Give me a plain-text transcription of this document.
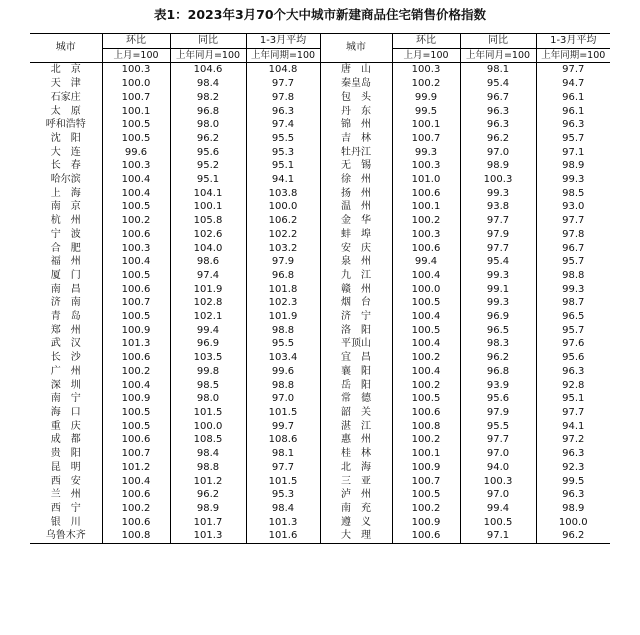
表1：2023年3月70个大中城市新建商品住宅销售价格指数
城市	环比	同比	1-3月平均	城市	环比	同比	1-3月平均
	上月=100	上年同月=100	上年同期=100		上月=100	上年同月=100	上年同期=100
北　京	100.3	104.6	104.8	唐　山	100.3	98.1	97.7
天　津	100.0	98.4	97.7	秦皇岛	100.2	95.4	94.7
石家庄	100.7	98.2	97.8	包　头	99.9	96.7	96.1
太　原	100.1	96.8	96.3	丹　东	99.5	96.3	96.1
呼和浩特	100.5	98.0	97.4	锦　州	100.1	96.3	96.3
沈　阳	100.5	96.2	95.5	吉　林	100.7	96.2	95.7
大　连	99.6	95.6	95.3	牡丹江	99.3	97.0	97.1
长　春	100.3	95.2	95.1	无　锡	100.3	98.9	98.9
哈尔滨	100.4	95.1	94.1	徐　州	101.0	100.3	99.3
上　海	100.4	104.1	103.8	扬　州	100.6	99.3	98.5
南　京	100.5	100.1	100.0	温　州	100.1	93.8	93.0
杭　州	100.2	105.8	106.2	金　华	100.2	97.7	97.7
宁　波	100.6	102.6	102.2	蚌　埠	100.3	97.9	97.8
合　肥	100.3	104.0	103.2	安　庆	100.6	97.7	96.7
福　州	100.4	98.6	97.9	泉　州	99.4	95.4	95.7
厦　门	100.5	97.4	96.8	九　江	100.4	99.3	98.8
南　昌	100.6	101.9	101.8	赣　州	100.0	99.1	99.3
济　南	100.7	102.8	102.3	烟　台	100.5	99.3	98.7
青　岛	100.5	102.1	101.9	济　宁	100.4	96.9	96.5
郑　州	100.9	99.4	98.8	洛　阳	100.5	96.5	95.7
武　汉	101.3	96.9	95.5	平顶山	100.4	98.3	97.6
长　沙	100.6	103.5	103.4	宜　昌	100.2	96.2	95.6
广　州	100.2	99.8	99.6	襄　阳	100.4	96.8	96.3
深　圳	100.4	98.5	98.8	岳　阳	100.2	93.9	92.8
南　宁	100.9	98.0	97.0	常　德	100.5	95.6	95.1
海　口	100.5	101.5	101.5	韶　关	100.6	97.9	97.7
重　庆	100.5	100.0	99.7	湛　江	100.8	95.5	94.1
成　都	100.6	108.5	108.6	惠　州	100.2	97.7	97.2
贵　阳	100.7	98.4	98.1	桂　林	100.1	97.0	96.3
昆　明	101.2	98.8	97.7	北　海	100.9	94.0	92.3
西　安	100.4	101.2	101.5	三　亚	100.7	100.3	99.5
兰　州	100.6	96.2	95.3	泸　州	100.5	97.0	96.3
西　宁	100.2	98.9	98.4	南　充	100.2	99.4	98.9
银　川	100.6	101.7	101.3	遵　义	100.9	100.5	100.0
乌鲁木齐	100.8	101.3	101.6	大　理	100.6	97.1	96.2
